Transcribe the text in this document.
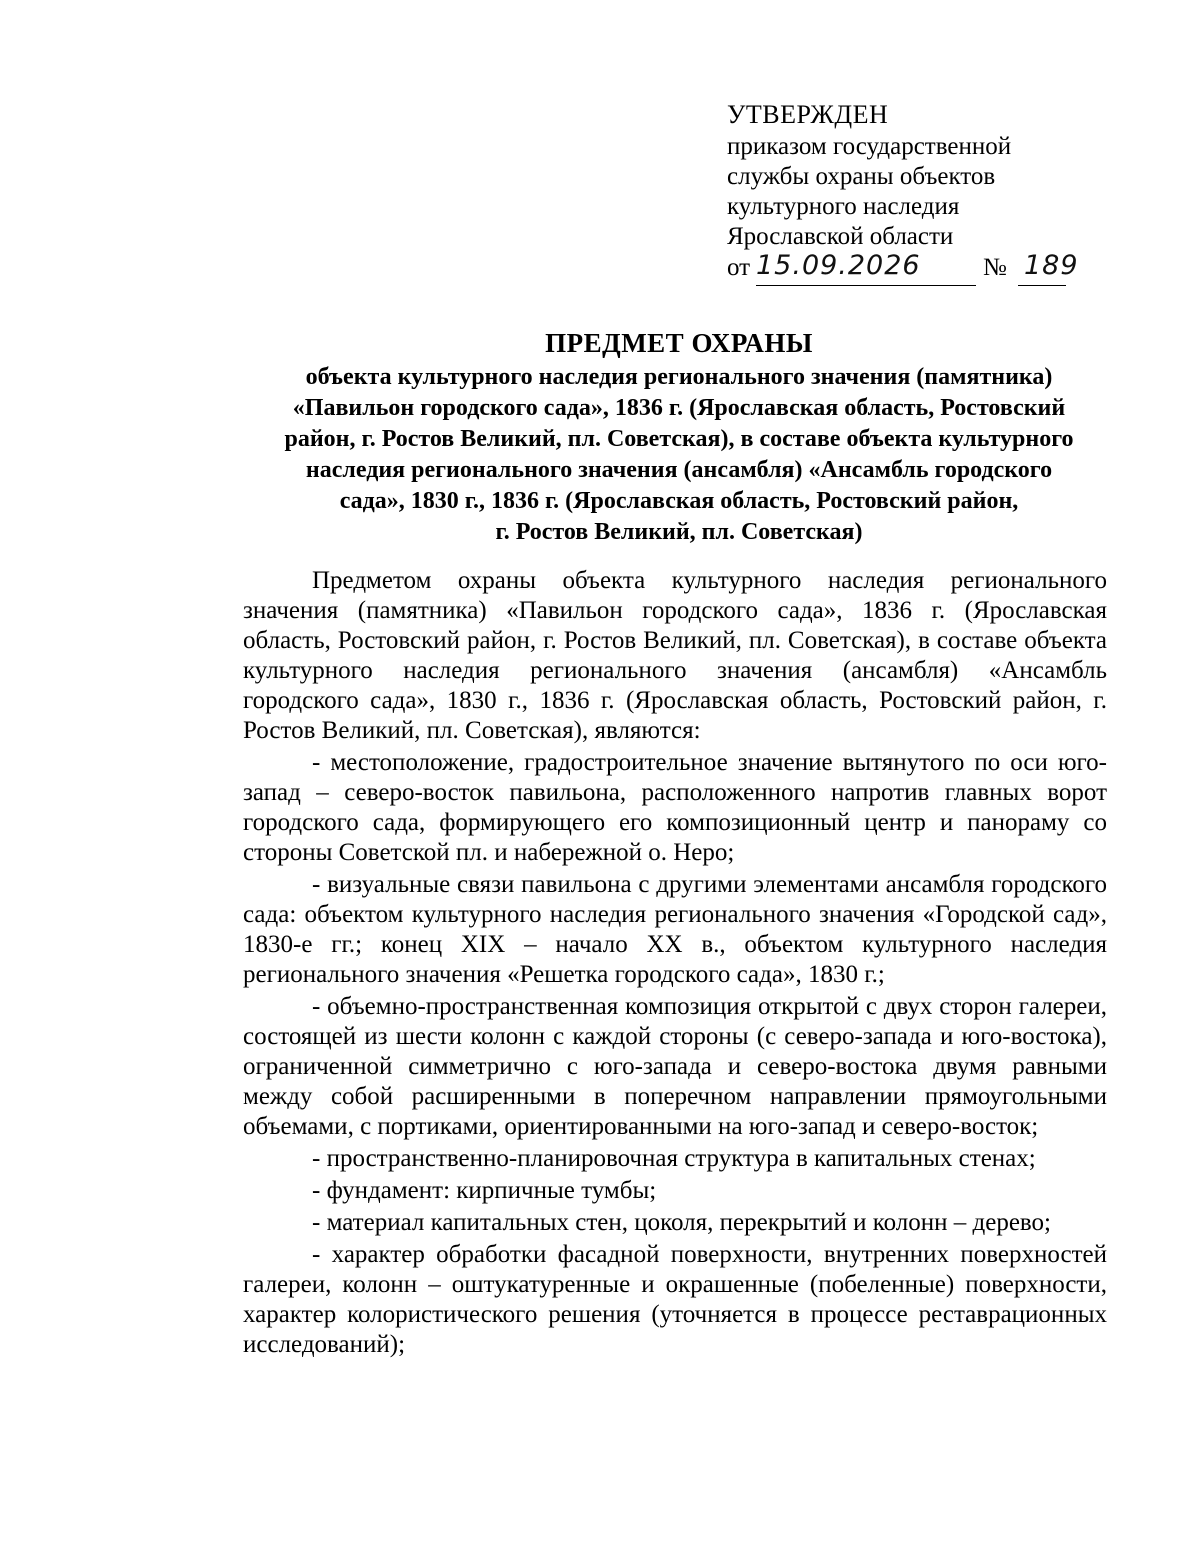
УТВЕРЖДЕН
приказом государственной
службы охраны объектов
культурного наследия
Ярославской области
от 15.09.2026 № 189
ПРЕДМЕТ ОХРАНЫ
объекта культурного наследия регионального значения (памятника)
«Павильон городского сада», 1836 г. (Ярославская область, Ростовский
район, г. Ростов Великий, пл. Советская), в составе объекта культурного
наследия регионального значения (ансамбля) «Ансамбль городского
сада», 1830 г., 1836 г. (Ярославская область, Ростовский район,
г. Ростов Великий, пл. Советская)

Предметом охраны объекта культурного наследия регионального значения (памятника) «Павильон городского сада», 1836 г. (Ярославская область, Ростовский район, г. Ростов Великий, пл. Советская), в составе объекта культурного наследия регионального значения (ансамбля) «Ансамбль городского сада», 1830 г., 1836 г. (Ярославская область, Ростовский район, г. Ростов Великий, пл. Советская), являются:

- местоположение, градостроительное значение вытянутого по оси юго-запад – северо-восток павильона, расположенного напротив главных ворот городского сада, формирующего его композиционный центр и панораму со стороны Советской пл. и набережной о. Неро;

- визуальные связи павильона с другими элементами ансамбля городского сада: объектом культурного наследия регионального значения «Городской сад», 1830-е гг.; конец XIX – начало XX в., объектом культурного наследия регионального значения «Решетка городского сада», 1830 г.;

- объемно-пространственная композиция открытой с двух сторон галереи, состоящей из шести колонн с каждой стороны (с северо-запада и юго-востока), ограниченной симметрично с юго-запада и северо-востока двумя равными между собой расширенными в поперечном направлении прямоугольными объемами, с портиками, ориентированными на юго-запад и северо-восток;

- пространственно-планировочная структура в капитальных стенах;

- фундамент: кирпичные тумбы;

- материал капитальных стен, цоколя, перекрытий и колонн – дерево;

- характер обработки фасадной поверхности, внутренних поверхностей галереи, колонн – оштукатуренные и окрашенные (побеленные) поверхности, характер колористического решения (уточняется в процессе реставрационных исследований);
